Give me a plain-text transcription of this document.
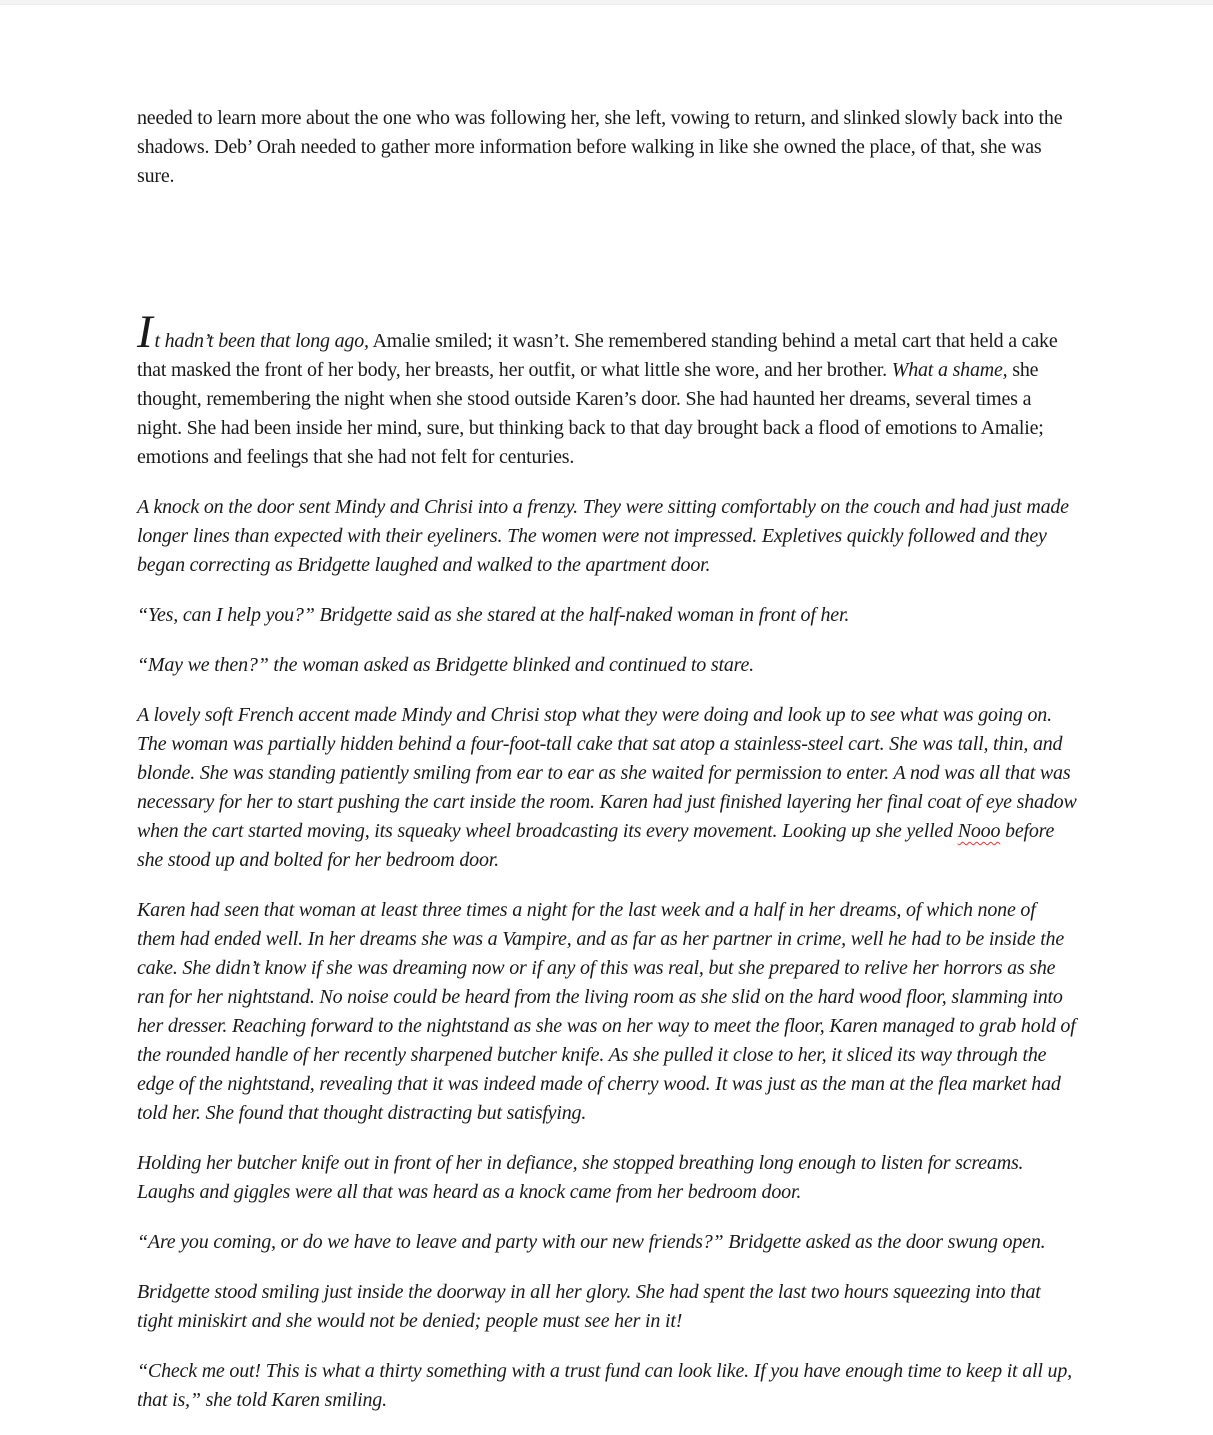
needed to learn more about the one who was following her, she left, vowing to return, and slinked slowly back into the shadows. Deb’ Orah needed to gather more information before walking in like she owned the place, of that, she was sure.

It hadn’t been that long ago, Amalie smiled; it wasn’t. She remembered standing behind a metal cart that held a cake that masked the front of her body, her breasts, her outfit, or what little she wore, and her brother. What a shame, she thought, remembering the night when she stood outside Karen’s door. She had haunted her dreams, several times a night. She had been inside her mind, sure, but thinking back to that day brought back a flood of emotions to Amalie; emotions and feelings that she had not felt for centuries.

A knock on the door sent Mindy and Chrisi into a frenzy. They were sitting comfortably on the couch and had just made longer lines than expected with their eyeliners. The women were not impressed. Expletives quickly followed and they began correcting as Bridgette laughed and walked to the apartment door.

“Yes, can I help you?” Bridgette said as she stared at the half-naked woman in front of her.

“May we then?” the woman asked as Bridgette blinked and continued to stare.

A lovely soft French accent made Mindy and Chrisi stop what they were doing and look up to see what was going on. The woman was partially hidden behind a four-foot-tall cake that sat atop a stainless-steel cart. She was tall, thin, and blonde. She was standing patiently smiling from ear to ear as she waited for permission to enter. A nod was all that was necessary for her to start pushing the cart inside the room. Karen had just finished layering her final coat of eye shadow when the cart started moving, its squeaky wheel broadcasting its every movement. Looking up she yelled Nooo before she stood up and bolted for her bedroom door.

Karen had seen that woman at least three times a night for the last week and a half in her dreams, of which none of them had ended well. In her dreams she was a Vampire, and as far as her partner in crime, well he had to be inside the cake. She didn’t know if she was dreaming now or if any of this was real, but she prepared to relive her horrors as she ran for her nightstand. No noise could be heard from the living room as she slid on the hard wood floor, slamming into her dresser. Reaching forward to the nightstand as she was on her way to meet the floor, Karen managed to grab hold of the rounded handle of her recently sharpened butcher knife. As she pulled it close to her, it sliced its way through the edge of the nightstand, revealing that it was indeed made of cherry wood. It was just as the man at the flea market had told her. She found that thought distracting but satisfying.

Holding her butcher knife out in front of her in defiance, she stopped breathing long enough to listen for screams. Laughs and giggles were all that was heard as a knock came from her bedroom door.

“Are you coming, or do we have to leave and party with our new friends?” Bridgette asked as the door swung open.

Bridgette stood smiling just inside the doorway in all her glory. She had spent the last two hours squeezing into that tight miniskirt and she would not be denied; people must see her in it!

“Check me out! This is what a thirty something with a trust fund can look like. If you have enough time to keep it all up, that is,” she told Karen smiling.
